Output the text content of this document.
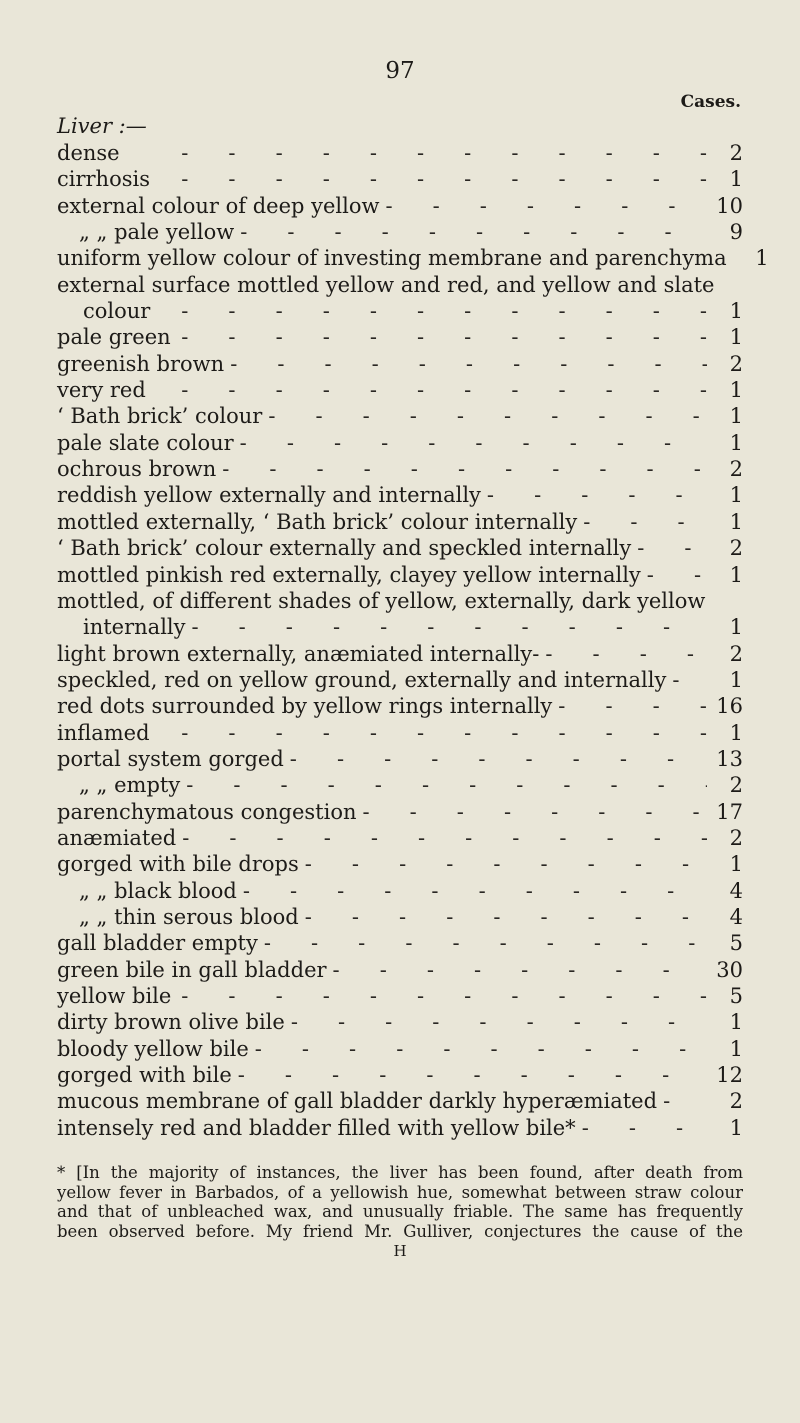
97
Cases.
Liver :—
dense -	2
cirrhosis -	1
external colour of deep yellow -	10
„ „ pale yellow -	9
uniform yellow colour of investing membrane and parenchyma	1
external surface mottled yellow and red, and yellow and slate
colour -	1
pale green -	1
greenish brown -	2
very red -	1
‘ Bath brick’ colour -	1
pale slate colour -	1
ochrous brown -	2
reddish yellow externally and internally -	1
mottled externally, ‘ Bath brick’ colour internally -	1
‘ Bath brick’ colour externally and speckled internally -	2
mottled pinkish red externally, clayey yellow internally -	1
mottled, of different shades of yellow, externally, dark yellow
internally -	1
light brown externally, anæmiated internally- -	2
speckled, red on yellow ground, externally and internally -	1
red dots surrounded by yellow rings internally -	16
inflamed -	1
portal system gorged -	13
„ „ empty -	2
parenchymatous congestion -	17
anæmiated -	2
gorged with bile drops -	1
„ „ black blood -	4
„ „ thin serous blood -	4
gall bladder empty -	5
green bile in gall bladder -	30
yellow bile -	5
dirty brown olive bile -	1
bloody yellow bile -	1
gorged with bile -	12
mucous membrane of gall bladder darkly hyperæmiated -	2
intensely red and bladder filled with yellow bile* -	1
* [In the majority of instances, the liver has been found, after death from
yellow fever in Barbados, of a yellowish hue, somewhat between straw colour
and that of unbleached wax, and unusually friable. The same has frequently
been observed before. My friend Mr. Gulliver, conjectures the cause of the
H
